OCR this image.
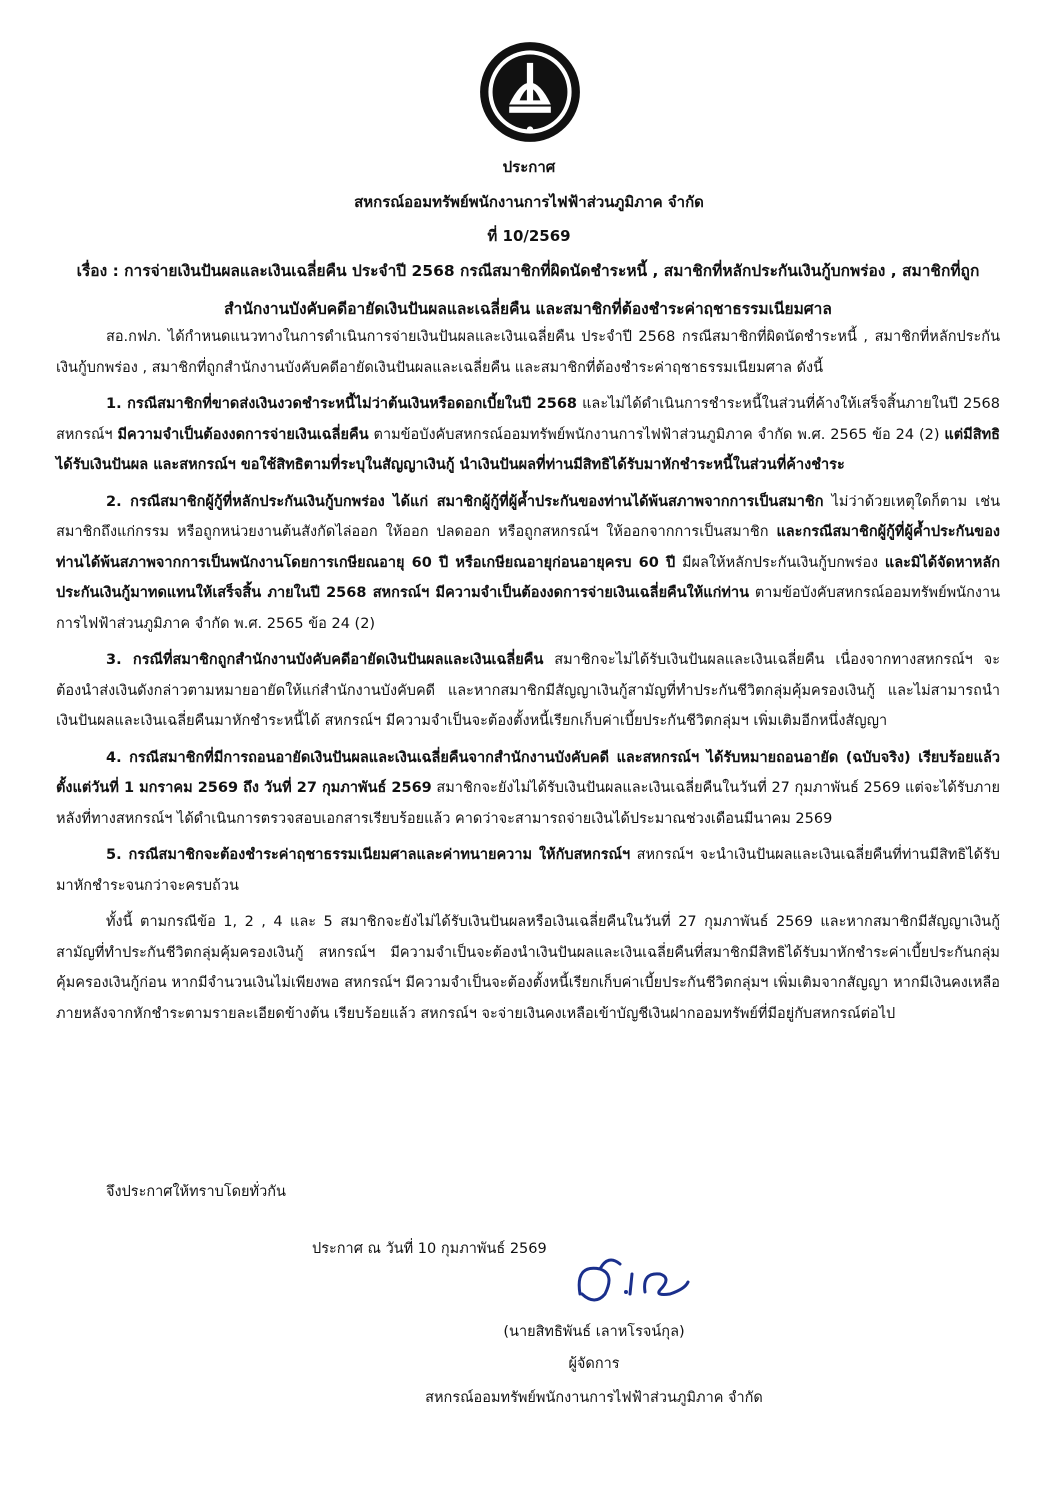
ประกาศ
สหกรณ์ออมทรัพย์พนักงานการไฟฟ้าส่วนภูมิภาค จำกัด
ที่ 10/2569
เรื่อง : การจ่ายเงินปันผลและเงินเฉลี่ยคืน ประจำปี 2568 กรณีสมาชิกที่ผิดนัดชำระหนี้ , สมาชิกที่หลักประกันเงินกู้บกพร่อง , สมาชิกที่ถูกสำนักงานบังคับคดีอายัดเงินปันผลและเฉลี่ยคืน และสมาชิกที่ต้องชำระค่าฤชาธรรมเนียมศาล

สอ.กฟภ. ได้กำหนดแนวทางในการดำเนินการจ่ายเงินปันผลและเงินเฉลี่ยคืน ประจำปี 2568 กรณีสมาชิกที่ผิดนัดชำระหนี้ , สมาชิกที่หลักประกันเงินกู้บกพร่อง , สมาชิกที่ถูกสำนักงานบังคับคดีอายัดเงินปันผลและเฉลี่ยคืน และสมาชิกที่ต้องชำระค่าฤชาธรรมเนียมศาล ดังนี้

1. กรณีสมาชิกที่ขาดส่งเงินงวดชำระหนี้ไม่ว่าต้นเงินหรือดอกเบี้ยในปี 2568 และไม่ได้ดำเนินการชำระหนี้ในส่วนที่ค้างให้เสร็จสิ้นภายในปี 2568 สหกรณ์ฯ มีความจำเป็นต้องงดการจ่ายเงินเฉลี่ยคืน ตามข้อบังคับสหกรณ์ออมทรัพย์พนักงานการไฟฟ้าส่วนภูมิภาค จำกัด พ.ศ. 2565 ข้อ 24 (2) แต่มีสิทธิได้รับเงินปันผล และสหกรณ์ฯ ขอใช้สิทธิตามที่ระบุในสัญญาเงินกู้ นำเงินปันผลที่ท่านมีสิทธิได้รับมาหักชำระหนี้ในส่วนที่ค้างชำระ

2. กรณีสมาชิกผู้กู้ที่หลักประกันเงินกู้บกพร่อง ได้แก่ สมาชิกผู้กู้ที่ผู้ค้ำประกันของท่านได้พ้นสภาพจากการเป็นสมาชิก ไม่ว่าด้วยเหตุใดก็ตาม เช่น สมาชิกถึงแก่กรรม หรือถูกหน่วยงานต้นสังกัดไล่ออก ให้ออก ปลดออก หรือถูกสหกรณ์ฯ ให้ออกจากการเป็นสมาชิก และกรณีสมาชิกผู้กู้ที่ผู้ค้ำประกันของท่านได้พ้นสภาพจากการเป็นพนักงานโดยการเกษียณอายุ 60 ปี หรือเกษียณอายุก่อนอายุครบ 60 ปี มีผลให้หลักประกันเงินกู้บกพร่อง และมิได้จัดหาหลักประกันเงินกู้มาทดแทนให้เสร็จสิ้น ภายในปี 2568 สหกรณ์ฯ มีความจำเป็นต้องงดการจ่ายเงินเฉลี่ยคืนให้แก่ท่าน ตามข้อบังคับสหกรณ์ออมทรัพย์พนักงานการไฟฟ้าส่วนภูมิภาค จำกัด พ.ศ. 2565 ข้อ 24 (2)

3. กรณีที่สมาชิกถูกสำนักงานบังคับคดีอายัดเงินปันผลและเงินเฉลี่ยคืน สมาชิกจะไม่ได้รับเงินปันผลและเงินเฉลี่ยคืน เนื่องจากทางสหกรณ์ฯ จะต้องนำส่งเงินดังกล่าวตามหมายอายัดให้แก่สำนักงานบังคับคดี และหากสมาชิกมีสัญญาเงินกู้สามัญที่ทำประกันชีวิตกลุ่มคุ้มครองเงินกู้ และไม่สามารถนำเงินปันผลและเงินเฉลี่ยคืนมาหักชำระหนี้ได้ สหกรณ์ฯ มีความจำเป็นจะต้องตั้งหนี้เรียกเก็บค่าเบี้ยประกันชีวิตกลุ่มฯ เพิ่มเติมอีกหนึ่งสัญญา

4. กรณีสมาชิกที่มีการถอนอายัดเงินปันผลและเงินเฉลี่ยคืนจากสำนักงานบังคับคดี และสหกรณ์ฯ ได้รับหมายถอนอายัด (ฉบับจริง) เรียบร้อยแล้ว ตั้งแต่วันที่ 1 มกราคม 2569 ถึง วันที่ 27 กุมภาพันธ์ 2569 สมาชิกจะยังไม่ได้รับเงินปันผลและเงินเฉลี่ยคืนในวันที่ 27 กุมภาพันธ์ 2569 แต่จะได้รับภายหลังที่ทางสหกรณ์ฯ ได้ดำเนินการตรวจสอบเอกสารเรียบร้อยแล้ว คาดว่าจะสามารถจ่ายเงินได้ประมาณช่วงเดือนมีนาคม 2569

5. กรณีสมาชิกจะต้องชำระค่าฤชาธรรมเนียมศาลและค่าทนายความ ให้กับสหกรณ์ฯ สหกรณ์ฯ จะนำเงินปันผลและเงินเฉลี่ยคืนที่ท่านมีสิทธิได้รับมาหักชำระจนกว่าจะครบถ้วน

ทั้งนี้ ตามกรณีข้อ 1, 2 , 4 และ 5 สมาชิกจะยังไม่ได้รับเงินปันผลหรือเงินเฉลี่ยคืนในวันที่ 27 กุมภาพันธ์ 2569 และหากสมาชิกมีสัญญาเงินกู้สามัญที่ทำประกันชีวิตกลุ่มคุ้มครองเงินกู้ สหกรณ์ฯ มีความจำเป็นจะต้องนำเงินปันผลและเงินเฉลี่ยคืนที่สมาชิกมีสิทธิได้รับมาหักชำระค่าเบี้ยประกันกลุ่มคุ้มครองเงินกู้ก่อน หากมีจำนวนเงินไม่เพียงพอ สหกรณ์ฯ มีความจำเป็นจะต้องตั้งหนี้เรียกเก็บค่าเบี้ยประกันชีวิตกลุ่มฯ เพิ่มเติมจากสัญญา หากมีเงินคงเหลือภายหลังจากหักชำระตามรายละเอียดข้างต้น เรียบร้อยแล้ว สหกรณ์ฯ จะจ่ายเงินคงเหลือเข้าบัญชีเงินฝากออมทรัพย์ที่มีอยู่กับสหกรณ์ต่อไป

จึงประกาศให้ทราบโดยทั่วกัน
ประกาศ ณ วันที่ 10 กุมภาพันธ์ 2569
(นายสิทธิพันธ์ เลาหโรจน์กุล)
ผู้จัดการ
สหกรณ์ออมทรัพย์พนักงานการไฟฟ้าส่วนภูมิภาค จำกัด
